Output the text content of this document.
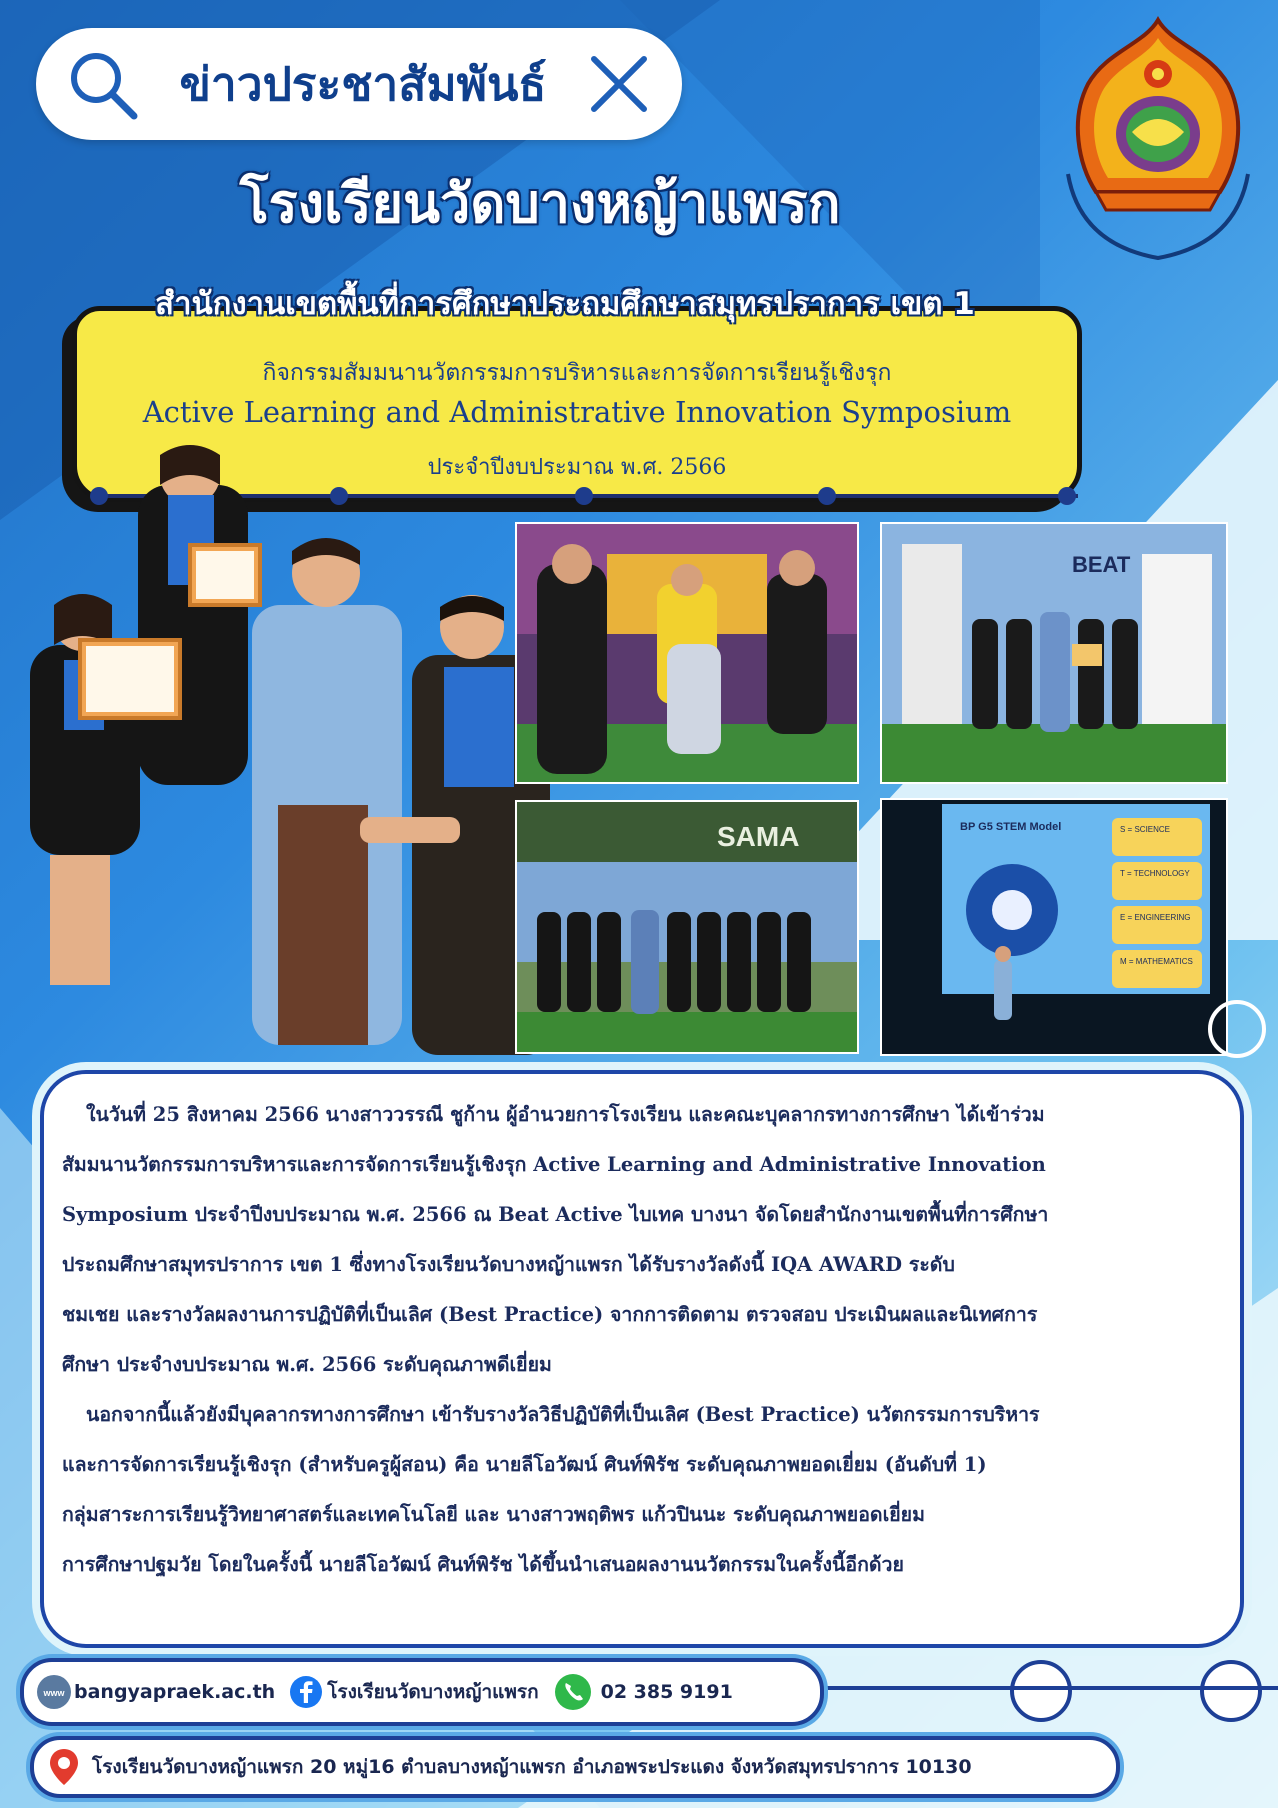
ข่าวประชาสัมพันธ์
โรงเรียนวัดบางหญ้าแพรก
กิจกรรมสัมมนานวัตกรรมการบริหารและการจัดการเรียนรู้เชิงรุก
Active Learning and Administrative Innovation Symposium
ประจำปีงบประมาณ พ.ศ. 2566
สำนักงานเขตพื้นที่การศึกษาประถมศึกษาสมุทรปราการ เขต 1
BEAT
SAMA	BP G5 STEM Model	S = SCIENCE
T = TECHNOLOGY
E = ENGINEERING
M = MATHEMATICS

ในวันที่ 25 สิงหาคม 2566 นางสาววรรณี ชูก้าน ผู้อำนวยการโรงเรียน และคณะบุคลากรทางการศึกษา ได้เข้าร่วม

สัมมนานวัตกรรมการบริหารและการจัดการเรียนรู้เชิงรุก Active Learning and Administrative Innovation

Symposium ประจำปีงบประมาณ พ.ศ. 2566 ณ Beat Active ไบเทค บางนา จัดโดยสำนักงานเขตพื้นที่การศึกษา

ประถมศึกษาสมุทรปราการ เขต 1 ซึ่งทางโรงเรียนวัดบางหญ้าแพรก ได้รับรางวัลดังนี้ IQA AWARD ระดับ

ชมเชย และรางวัลผลงานการปฏิบัติที่เป็นเลิศ (Best Practice) จากการติดตาม ตรวจสอบ ประเมินผลและนิเทศการ

ศึกษา ประจำงบประมาณ พ.ศ. 2566 ระดับคุณภาพดีเยี่ยม

นอกจากนี้แล้วยังมีบุคลากรทางการศึกษา เข้ารับรางวัลวิธีปฏิบัติที่เป็นเลิศ (Best Practice) นวัตกรรมการบริหาร

และการจัดการเรียนรู้เชิงรุก (สำหรับครูผู้สอน) คือ นายลีโอวัฒน์ ศินท์พิรัช ระดับคุณภาพยอดเยี่ยม (อันดับที่ 1)

กลุ่มสาระการเรียนรู้วิทยาศาสตร์และเทคโนโลยี และ นางสาวพฤติพร แก้วปินนะ ระดับคุณภาพยอดเยี่ยม

การศึกษาปฐมวัย โดยในครั้งนี้ นายลีโอวัฒน์ ศินท์พิรัช ได้ขึ้นนำเสนอผลงานนวัตกรรมในครั้งนี้อีกด้วย

www bangyapraek.ac.th	โรงเรียนวัดบางหญ้าแพรก	02 385 9191
โรงเรียนวัดบางหญ้าแพรก 20 หมู่16 ตำบลบางหญ้าแพรก อำเภอพระประแดง จังหวัดสมุทรปราการ 10130
